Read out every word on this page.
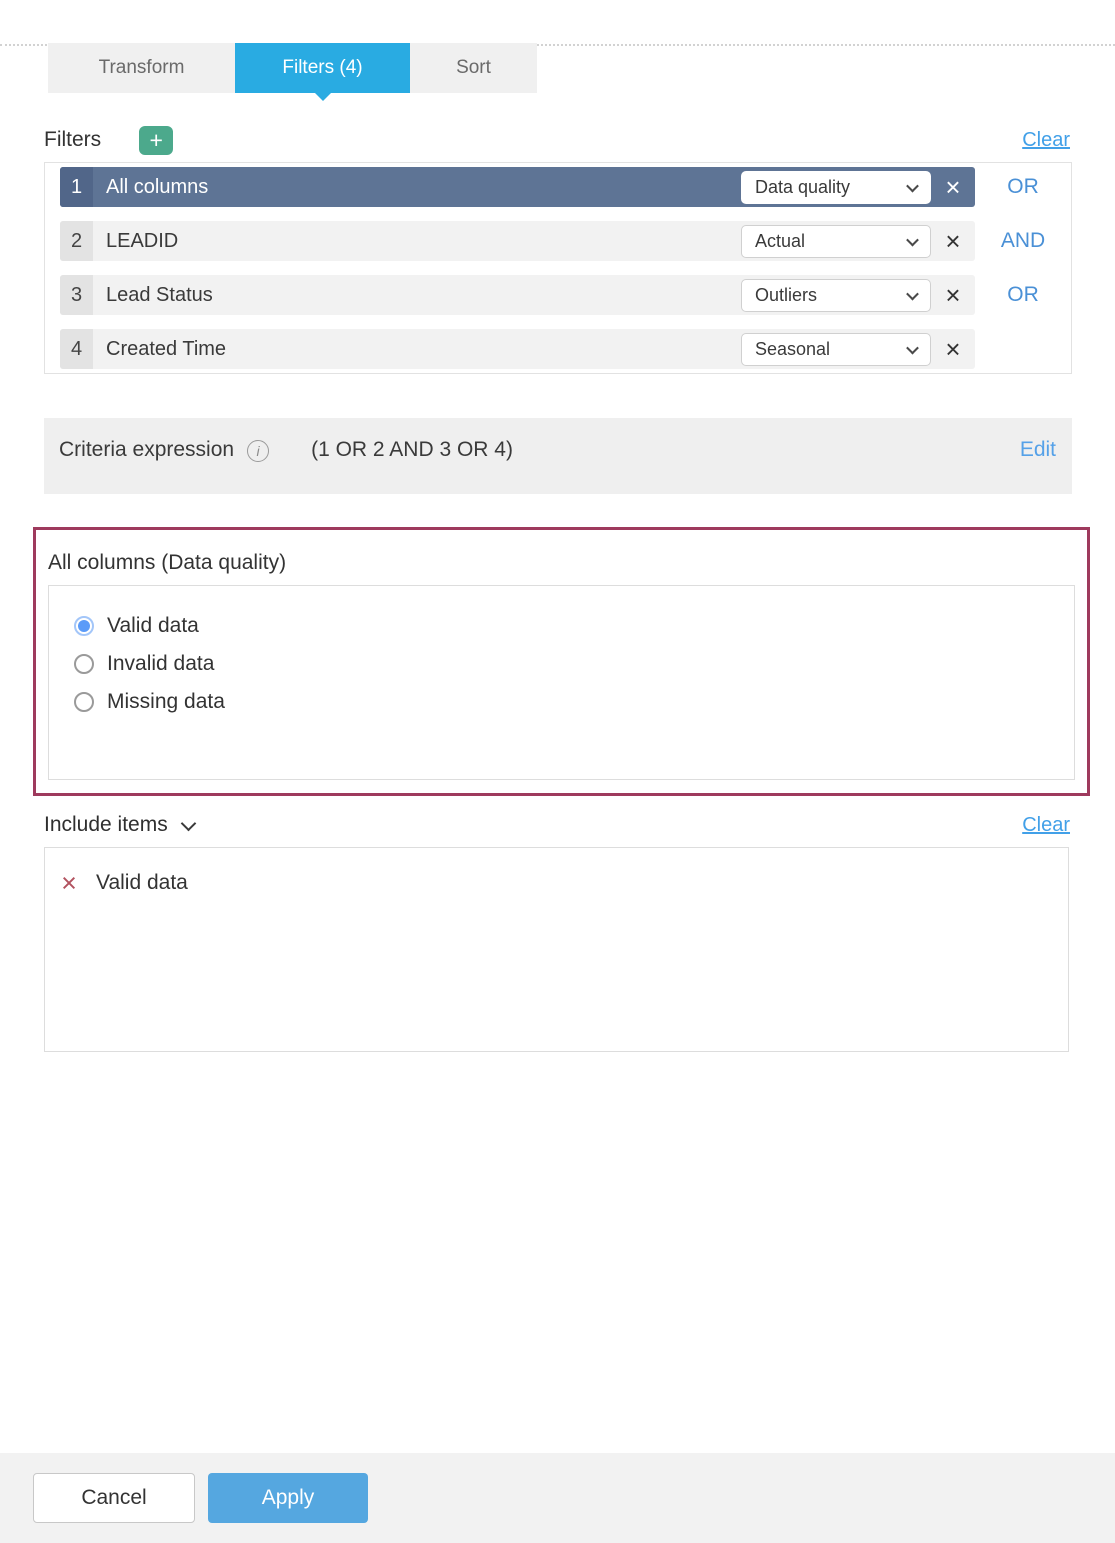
Transform	Filters (4)	Sort
Filters +	Clear
1	All columns	Data quality	×	OR
2	LEADID	Actual	×	AND
3	Lead Status	Outliers	×	OR
4	Created Time	Seasonal	×
Criteria expression	i	(1 OR 2 AND 3 OR 4)	Edit
All columns (Data quality)
Valid data
Invalid data
Missing data
Include items	Clear
× Valid data
Cancel	Apply
